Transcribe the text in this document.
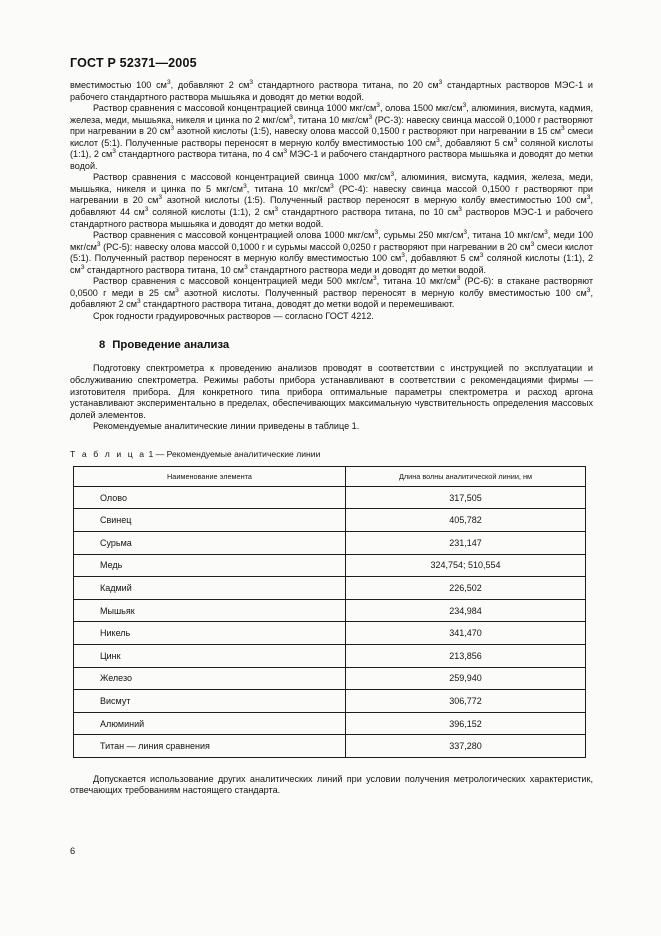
ГОСТ Р 52371—2005

вместимостью 100 $см^3$, добавляют 2 $см^3$ стандартного раствора титана, по 20 $см^3$ стандартных растворов МЭС-1 и рабочего стандартного раствора мышьяка и доводят до метки водой.

Раствор сравнения с массовой концентрацией свинца 1000 мкг/$см^3$, олова 1500 мкг/$см^3$, алюминия, висмута, кадмия, железа, меди, мышьяка, никеля и цинка по 2 мкг/$см^3$, титана 10 мкг/$см^3$ (РС-3): навеску свинца массой 0,1000 г растворяют при нагревании в 20 $см^3$ азотной кислоты (1:5), навеску олова массой 0,1500 г растворяют при нагревании в 15 $см^3$ смеси кислот (5:1). Полученные растворы переносят в мерную колбу вместимостью 100 $см^3$, добавляют 5 $см^3$ соляной кислоты (1:1), 2 $см^3$ стандартного раствора титана, по 4 $см^3$ МЭС-1 и рабочего стандартного раствора мышьяка и доводят до метки водой.

Раствор сравнения с массовой концентрацией свинца 1000 мкг/$см^3$, алюминия, висмута, кадмия, железа, меди, мышьяка, никеля и цинка по 5 мкг/$см^3$, титана 10 мкг/$см^3$ (РС-4): навеску свинца массой 0,1500 г растворяют при нагревании в 20 $см^3$ азотной кислоты (1:5). Полученный раствор переносят в мерную колбу вместимостью 100 $см^3$, добавляют 44 $см^3$ соляной кислоты (1:1), 2 $см^3$ стандартного раствора титана, по 10 $см^3$ растворов МЭС-1 и рабочего стандартного раствора мышьяка и доводят до метки водой.

Раствор сравнения с массовой концентрацией олова 1000 мкг/$см^3$, сурьмы 250 мкг/$см^3$, титана 10 мкг/$см^3$, меди 100 мкг/$см^3$ (РС-5): навеску олова массой 0,1000 г и сурьмы массой 0,0250 г растворяют при нагревании в 20 $см^3$ смеси кислот (5:1). Полученный раствор переносят в мерную колбу вместимостью 100 $см^3$, добавляют 5 $см^3$ соляной кислоты (1:1), 2 $см^3$ стандартного раствора титана, 10 $см^3$ стандартного раствора меди и доводят до метки водой.

Раствор сравнения с массовой концентрацией меди 500 мкг/$см^3$, титана 10 мкг/$см^3$ (РС-6): в стакане растворяют 0,0500 г меди в 25 $см^3$ азотной кислоты. Полученный раствор переносят в мерную колбу вместимостью 100 $см^3$, добавляют 2 $см^3$ стандартного раствора титана, доводят до метки водой и перемешивают.

Срок годности градуировочных растворов — согласно ГОСТ 4212.

8 Проведение анализа

Подготовку спектрометра к проведению анализов проводят в соответствии с инструкцией по эксплуатации и обслуживанию спектрометра. Режимы работы прибора устанавливают в соответствии с рекомендациями фирмы — изготовителя прибора. Для конкретного типа прибора оптимальные параметры спектрометра и расход аргона устанавливают экспериментально в пределах, обеспечивающих максимальную чувствительность определения массовых долей элементов.

Рекомендуемые аналитические линии приведены в таблице 1.

Т а б л и ц а 1 — Рекомендуемые аналитические линии
Наименование элемента	Длина волны аналитической линии, нм
Олово	317,505
Свинец	405,782
Сурьма	231,147
Медь	324,754; 510,554
Кадмий	226,502
Мышьяк	234,984
Никель	341,470
Цинк	213,856
Железо	259,940
Висмут	306,772
Алюминий	396,152
Титан — линия сравнения	337,280

Допускается использование других аналитических линий при условии получения метрологических характеристик, отвечающих требованиям настоящего стандарта.

6
